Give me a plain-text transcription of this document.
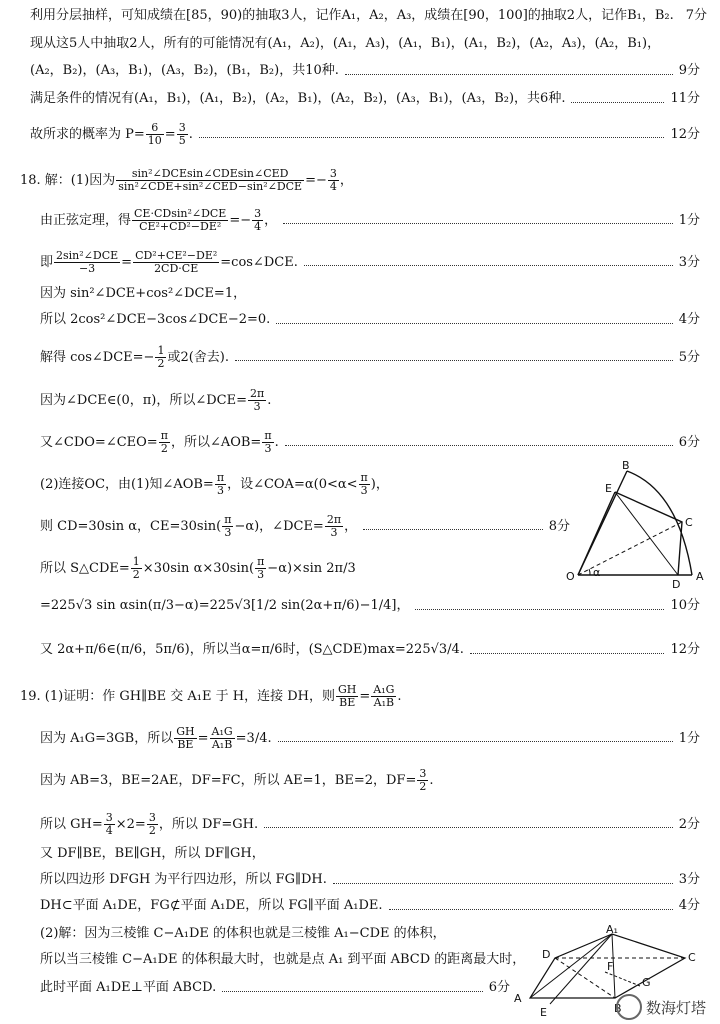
利用分层抽样，可知成绩在[85，90)的抽取3人，记作A₁，A₂，A₃，成绩在[90，100]的抽取2人，记作B₁，B₂. 7分
现从这5人中抽取2人，所有的可能情况有(A₁，A₂)，(A₁，A₃)，(A₁，B₁)，(A₁，B₂)，(A₂，A₃)，(A₂，B₁)，
(A₂，B₂)，(A₃，B₁)，(A₃，B₂)，(B₁，B₂)，共10种.	9分
满足条件的情况有(A₁，B₁)，(A₁，B₂)，(A₂，B₁)，(A₂，B₂)，(A₃，B₁)，(A₃，B₂)，共6种.	11分
故所求的概率为 $P= \frac{6}{10} = \frac{3}{5}$ .	12分
18. 解：(1)因为 $\frac{\text{sin²∠DCEsin∠CDEsin∠CED}}{\text{sin²∠CDE+sin²∠CED−sin²∠DCE}} =- \frac{3}{4}$ ，
由正弦定理，得 $\frac{\text{CE·CDsin²∠DCE}}{\text{CE²+CD²−DE²}} =- \frac{3}{4}$ ，	1分
即 $\frac{\text{2sin²∠DCE}}{-3} = \frac{\text{CD²+CE²−DE²}}{2CD\cdot CE}$ =cos∠DCE.	3分
因为 sin²∠DCE+cos²∠DCE=1，
所以 2cos²∠DCE−3cos∠DCE−2=0.	4分
解得 cos∠DCE=− $\frac{1}{2}$ 或2(舍去).	5分
因为∠DCE∈(0，π)，所以∠DCE= $\frac{2\pi}{3}$ .
又∠CDO=∠CEO= $\frac{\pi}{2}$ ，所以∠AOB= $\frac{\pi}{3}$ .	6分
(2)连接OC，由(1)知∠AOB= $\frac{\pi}{3}$ ，设∠COA=α(0<α< $\frac{\pi}{3}$ )，
则 CD=30sin α，$CE=30\sin( \frac{\pi}{3} -\alpha)$，∠DCE= $\frac{2\pi}{3}$ ，	8分
所以 S△CDE= $\frac{1}{2} \times 30\sin$ $\alpha\times 30\sin( \frac{\pi}{3} -\alpha)\times\sin$ 2π/3
=225√3 sin αsin(π/3−α)=225√3[1/2 sin(2α+π/6)−1/4]，	10分
又 2α+π/6∈(π/6，5π/6)，所以当α=π/6时，(S△CDE)max=225√3/4.	12分
19. (1)证明：作 GH∥BE 交 A₁E 于 H，连接 DH，则 $\frac{GH}{BE} = \frac{\text{A₁G}}{\text{A₁B}}$ .
因为 A₁G=3GB，所以 $\frac{GH}{BE} = \frac{\text{A₁G}}{\text{A₁B}} =3/4$.	1分
因为 AB=3，BE=2AE，DF=FC，所以 AE=1，BE=2，$DF= \frac{3}{2}$ .
所以 $GH= \frac{3}{4} \times 2= \frac{3}{2}$ ，所以 DF=GH.	2分
又 DF∥BE，BE∥GH，所以 DF∥GH，
所以四边形 DFGH 为平行四边形，所以 FG∥DH.	3分
DH⊂平面 A₁DE，FG⊄平面 A₁DE，所以 FG∥平面 A₁DE.	4分
(2)解：因为三棱锥 C−A₁DE 的体积也就是三棱锥 A₁−CDE 的体积，
所以当三棱锥 C−A₁DE 的体积最大时，也就是点 A₁ 到平面 ABCD 的距离最大时，
此时平面 A₁DE⊥平面 ABCD.	6分
B
E
C
O α
D
A
A₁
D
F
C
G
A
E	B 数海灯塔
